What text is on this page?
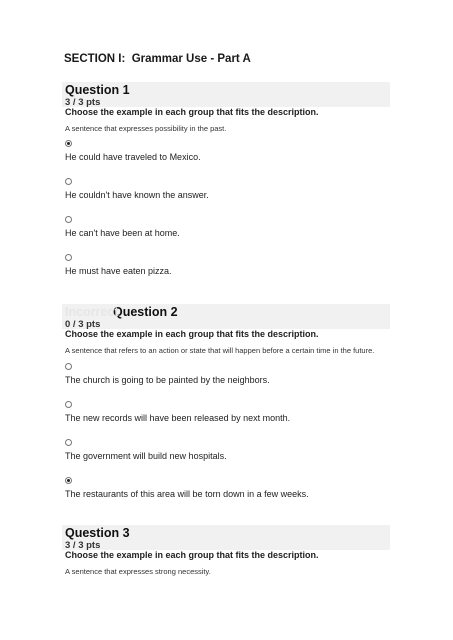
SECTION I:  Grammar Use - Part A
Question 1
3 / 3 pts
Choose the example in each group that fits the description.
A sentence that expresses possibility in the past.
He could have traveled to Mexico.
He couldn't have known the answer.
He can't have been at home.
He must have eaten pizza.
Incorrect
Question 2
0 / 3 pts
Choose the example in each group that fits the description.
A sentence that refers to an action or state that will happen before a certain time in the future.
The church is going to be painted by the neighbors.
The new records will have been released by next month.
The government will build new hospitals.
The restaurants of this area will be torn down in a few weeks.
Question 3
3 / 3 pts
Choose the example in each group that fits the description.
A sentence that expresses strong necessity.
